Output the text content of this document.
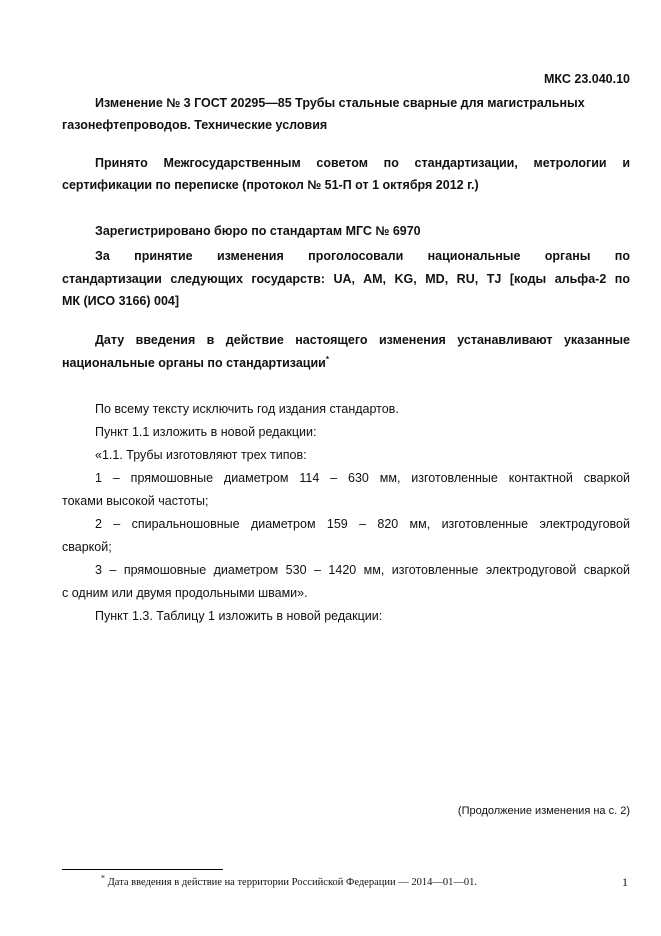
МКС 23.040.10
Изменение № 3 ГОСТ 20295—85 Трубы стальные сварные для магистральных
газонефтепроводов. Технические условия
Принято Межгосударственным советом по стандартизации, метрологии и
сертификации по переписке (протокол № 51-П от 1 октября 2012 г.)
Зарегистрировано бюро по стандартам МГС № 6970
За принятие изменения проголосовали национальные органы по
стандартизации следующих государств: UA, AM, KG, MD, RU, TJ [коды альфа-2 по
МК (ИСО 3166) 004]
Дату введения в действие настоящего изменения устанавливают указанные
национальные органы по стандартизации*
По всему тексту исключить год издания стандартов.
Пункт 1.1 изложить в новой редакции:
«1.1. Трубы изготовляют трех типов:
1 – прямошовные диаметром 114 – 630 мм, изготовленные контактной сваркой
токами высокой частоты;
2 – спиральношовные диаметром 159 – 820 мм, изготовленные электродуговой
сваркой;
3 – прямошовные диаметром 530 – 1420 мм, изготовленные электродуговой сваркой
с одним или двумя продольными швами».
Пункт 1.3. Таблицу 1 изложить в новой редакции:
(Продолжение изменения на с. 2)
* Дата введения в действие на территории Российской Федерации — 2014—01—01.	1
